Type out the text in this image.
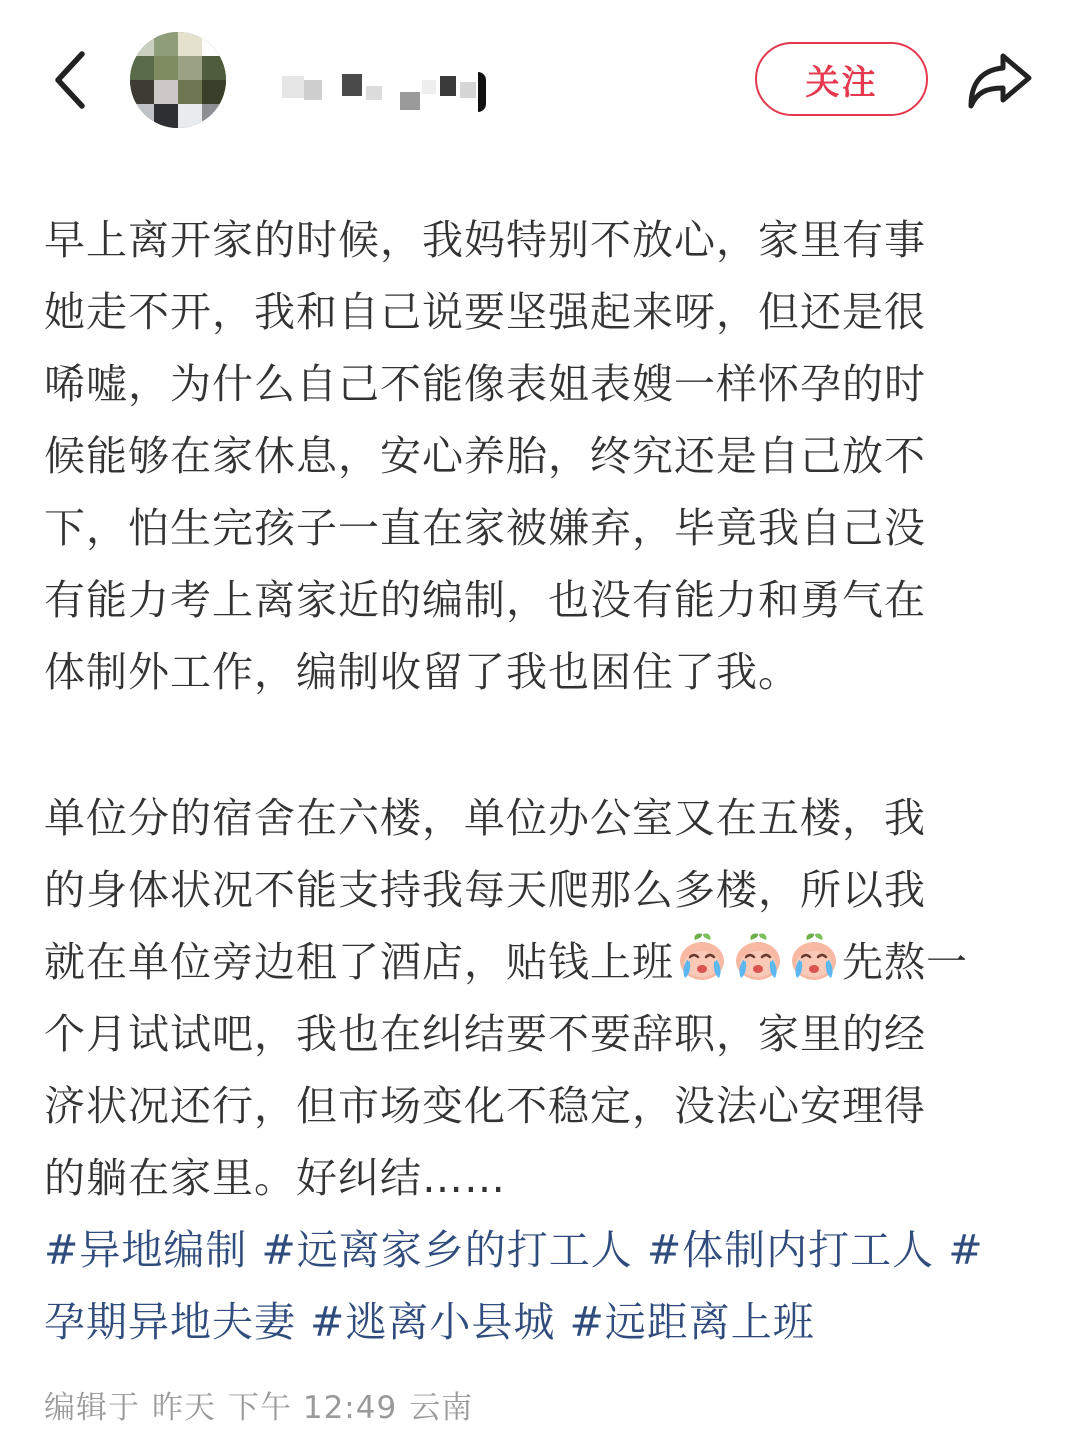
关注
早上离开家的时候，我妈特别不放心，家里有事
她走不开，我和自己说要坚强起来呀，但还是很
唏嘘，为什么自己不能像表姐表嫂一样怀孕的时
候能够在家休息，安心养胎，终究还是自己放不
下，怕生完孩子一直在家被嫌弃，毕竟我自己没
有能力考上离家近的编制，也没有能力和勇气在
体制外工作，编制收留了我也困住了我。
单位分的宿舍在六楼，单位办公室又在五楼，我
的身体状况不能支持我每天爬那么多楼，所以我
就在单位旁边租了酒店，贴钱上班	先熬一
个月试试吧，我也在纠结要不要辞职，家里的经
济状况还行，但市场变化不稳定，没法心安理得
的躺在家里。好纠结……
#异地编制 #远离家乡的打工人 #体制内打工人 #
孕期异地夫妻 #逃离小县城 #远距离上班
编辑于 昨天 下午 12:49 云南
